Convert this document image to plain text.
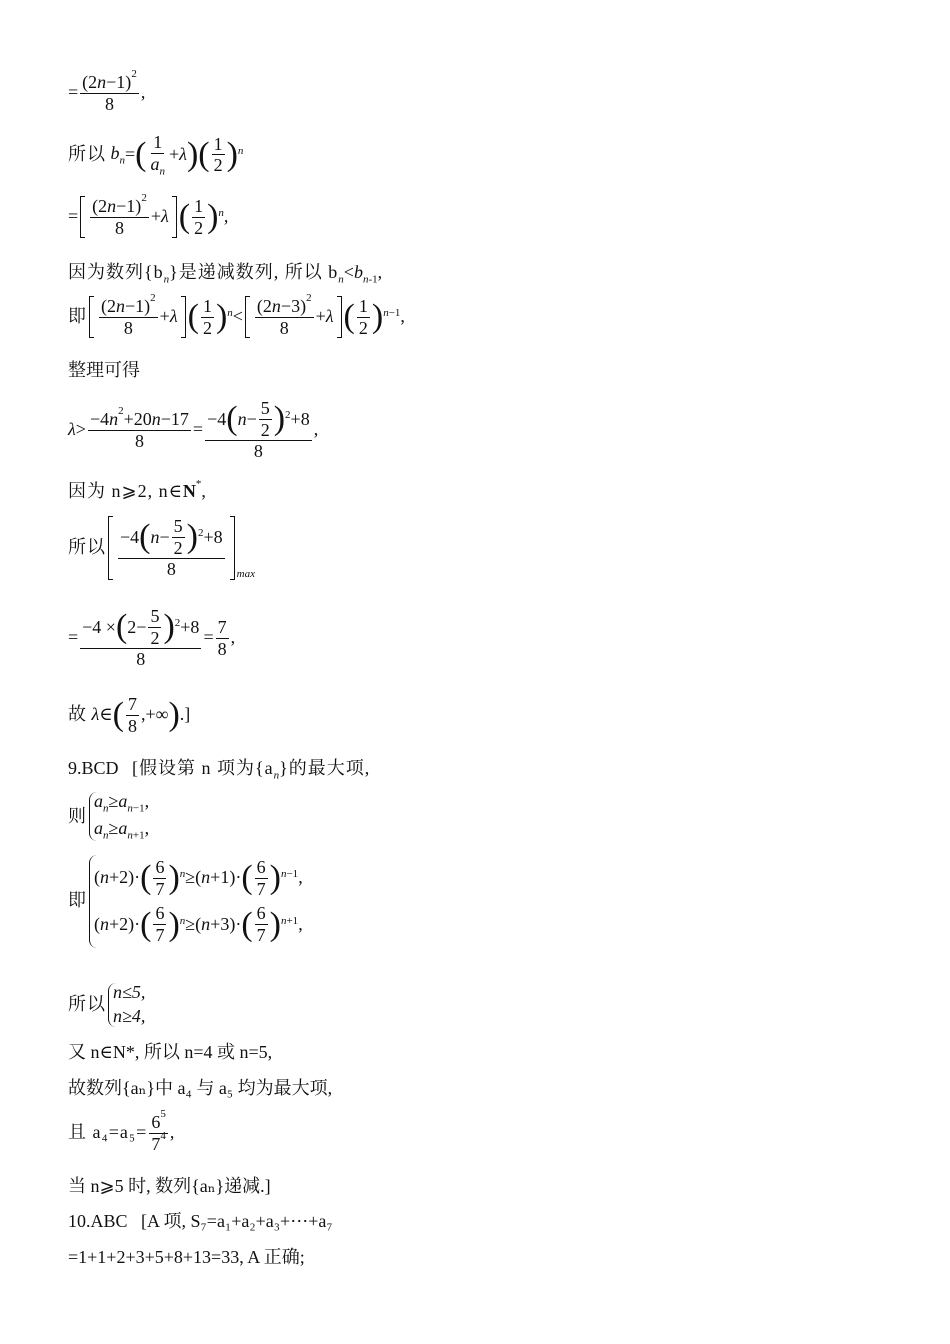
= $\frac{(2n-1)^2}{8}$ ,
所以
$b_n$ = ( $\frac{1}{a_n} + \lambda$ ) ( $\frac{1}{2} )^n$
= $\frac{(2n-1)^2}{8} + \lambda$ ( $\frac{1}{2} )^n$ ,
因为数列$\{b_n\}$是递减数列, 所以 $b_n<b_{n-1}$,
即 $\frac{(2n-1)^2}{8} + \lambda$ ( $\frac{1}{2} )^n < \frac{(2n-3)^2}{8} + \lambda$ ( $\frac{1}{2}$ ) $^{n-1}$ ,
整理可得
$\lambda > \frac{-4n^2+20n-17}{8} = \frac{-4 ( n - \frac{5}{2} )^2 +8}{8}$ ,
因为 n⩾2, n∈N*,
所以 $\frac{-4 ( n - \frac{5}{2} )^2 +8}{8} _{max}$
= $\frac{-4 \times ( 2- \frac{5}{2} )^2 +8}{8} = \frac{7}{8}$ ,
故
λ ∈ ( $\frac{7}{8}$ , +∞ ) .]
9.BCD [假设第 n 项为$\{a_n\}$的最大项,
则
$a_n\ge a_{n-1}$,
$a_n\ge a_{n+1}$,
即
( n +2)· ( $\frac{6}{7} )^n$ ≥( n +1)· ( $\frac{6}{7}$ ) $^{n-1}$ ,
( n +2)· ( $\frac{6}{7} )^n$ ≥( n +3)· ( $\frac{6}{7}$ ) $^{n+1}$ ,
所以
n≤5,
n≥4,
又 n∈N*, 所以 n=4 或 n=5,
故数列{aₙ}中 a₄ 与 a₅ 均为最大项,
且 $a_4=a_5= \frac{6^5}{7^4}$ ,
当 n⩾5 时, 数列{aₙ}递减.]
10.ABC [A 项, S₇=a₁+a₂+a₃+⋯+a₇
=1+1+2+3+5+8+13=33, A 正确;
